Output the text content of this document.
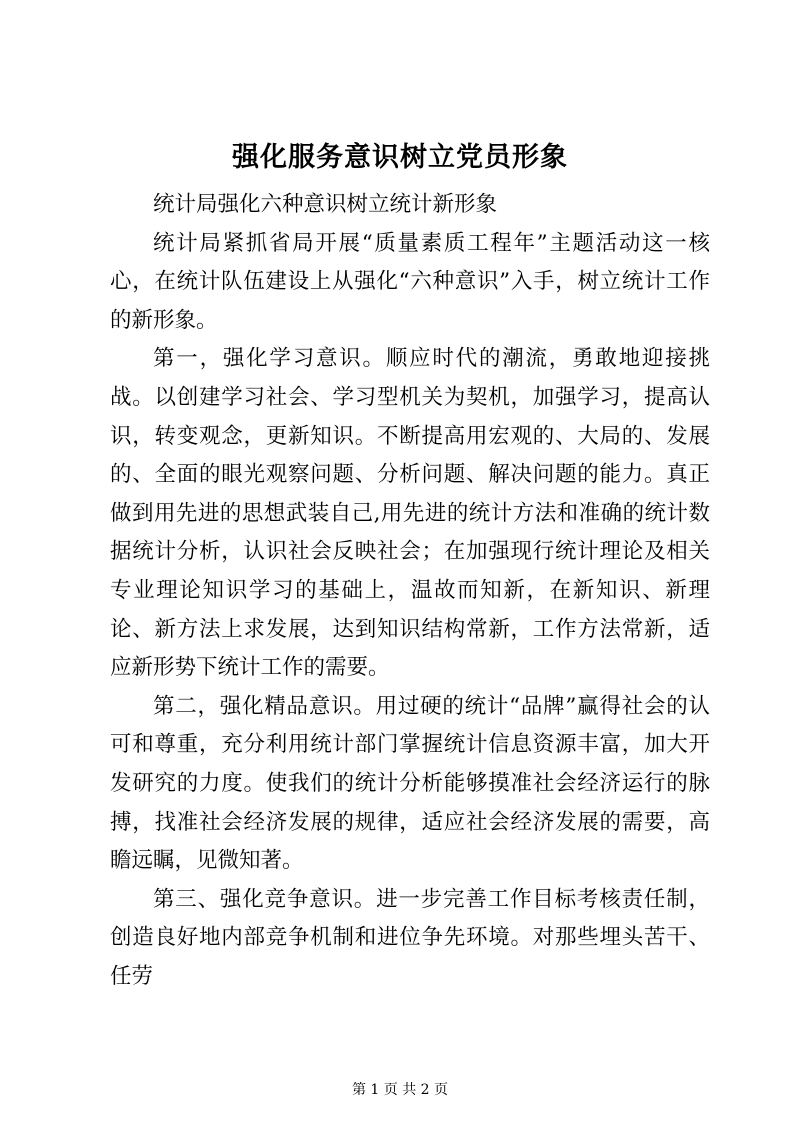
强化服务意识树立党员形象

统计局强化六种意识树立统计新形象

统计局紧抓省局开展“质量素质工程年”主题活动这一核心，在统计队伍建设上从强化“六种意识”入手，树立统计工作的新形象。

第一，强化学习意识。顺应时代的潮流，勇敢地迎接挑战。以创建学习社会、学习型机关为契机，加强学习，提高认识，转变观念，更新知识。不断提高用宏观的、大局的、发展的、全面的眼光观察问题、分析问题、解决问题的能力。真正做到用先进的思想武装自己,用先进的统计方法和准确的统计数据统计分析，认识社会反映社会；在加强现行统计理论及相关专业理论知识学习的基础上，温故而知新，在新知识、新理论、新方法上求发展，达到知识结构常新，工作方法常新，适应新形势下统计工作的需要。

第二，强化精品意识。用过硬的统计“品牌”赢得社会的认可和尊重，充分利用统计部门掌握统计信息资源丰富，加大开发研究的力度。使我们的统计分析能够摸准社会经济运行的脉搏，找准社会经济发展的规律，适应社会经济发展的需要，高瞻远瞩，见微知著。

第三、强化竞争意识。进一步完善工作目标考核责任制，创造良好地内部竞争机制和进位争先环境。对那些埋头苦干、任劳

第 1 页 共 2 页
